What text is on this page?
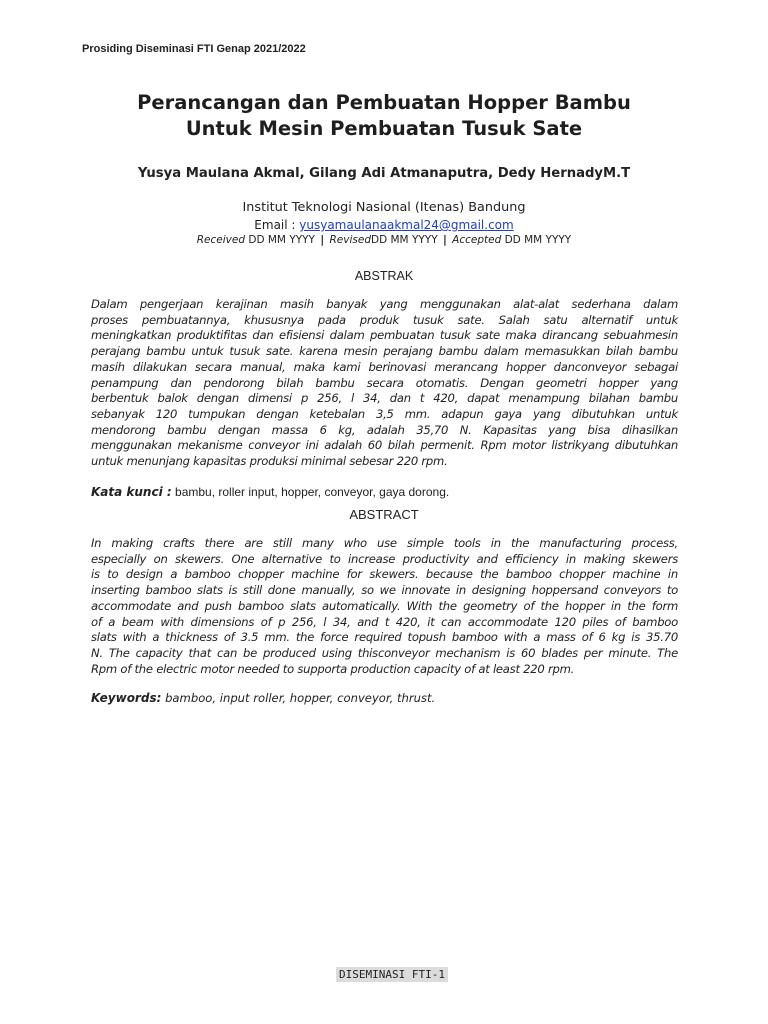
Prosiding Diseminasi FTI Genap 2021/2022
Perancangan dan Pembuatan Hopper Bambu
Untuk Mesin Pembuatan Tusuk Sate
Yusya Maulana Akmal, Gilang Adi Atmanaputra, Dedy HernadyM.T
Institut Teknologi Nasional (Itenas) Bandung
Email : yusyamaulanaakmal24@gmail.com
Received DD MM YYYY | RevisedDD MM YYYY | Accepted DD MM YYYY
ABSTRAK
Dalam pengerjaan kerajinan masih banyak yang menggunakan alat-alat sederhana dalam
proses pembuatannya, khususnya pada produk tusuk sate. Salah satu alternatif untuk
meningkatkan produktifitas dan efisiensi dalam pembuatan tusuk sate maka dirancang sebuahmesin
perajang bambu untuk tusuk sate. karena mesin perajang bambu dalam memasukkan bilah bambu
masih dilakukan secara manual, maka kami berinovasi merancang hopper danconveyor sebagai
penampung dan pendorong bilah bambu secara otomatis. Dengan geometri hopper yang
berbentuk balok dengan dimensi p 256, l 34, dan t 420, dapat menampung bilahan bambu
sebanyak 120 tumpukan dengan ketebalan 3,5 mm. adapun gaya yang dibutuhkan untuk
mendorong bambu dengan massa 6 kg, adalah 35,70 N. Kapasitas yang bisa dihasilkan
menggunakan mekanisme conveyor ini adalah 60 bilah permenit. Rpm motor listrikyang dibutuhkan
untuk menunjang kapasitas produksi minimal sebesar 220 rpm.
Kata kunci : bambu, roller input, hopper, conveyor, gaya dorong.
ABSTRACT
In making crafts there are still many who use simple tools in the manufacturing process,
especially on skewers. One alternative to increase productivity and efficiency in making skewers
is to design a bamboo chopper machine for skewers. because the bamboo chopper machine in
inserting bamboo slats is still done manually, so we innovate in designing hoppersand conveyors to
accommodate and push bamboo slats automatically. With the geometry of the hopper in the form
of a beam with dimensions of p 256, l 34, and t 420, it can accommodate 120 piles of bamboo
slats with a thickness of 3.5 mm. the force required topush bamboo with a mass of 6 kg is 35.70
N. The capacity that can be produced using thisconveyor mechanism is 60 blades per minute. The
Rpm of the electric motor needed to supporta production capacity of at least 220 rpm.
Keywords: bamboo, input roller, hopper, conveyor, thrust.
DISEMINASI FTI-1
